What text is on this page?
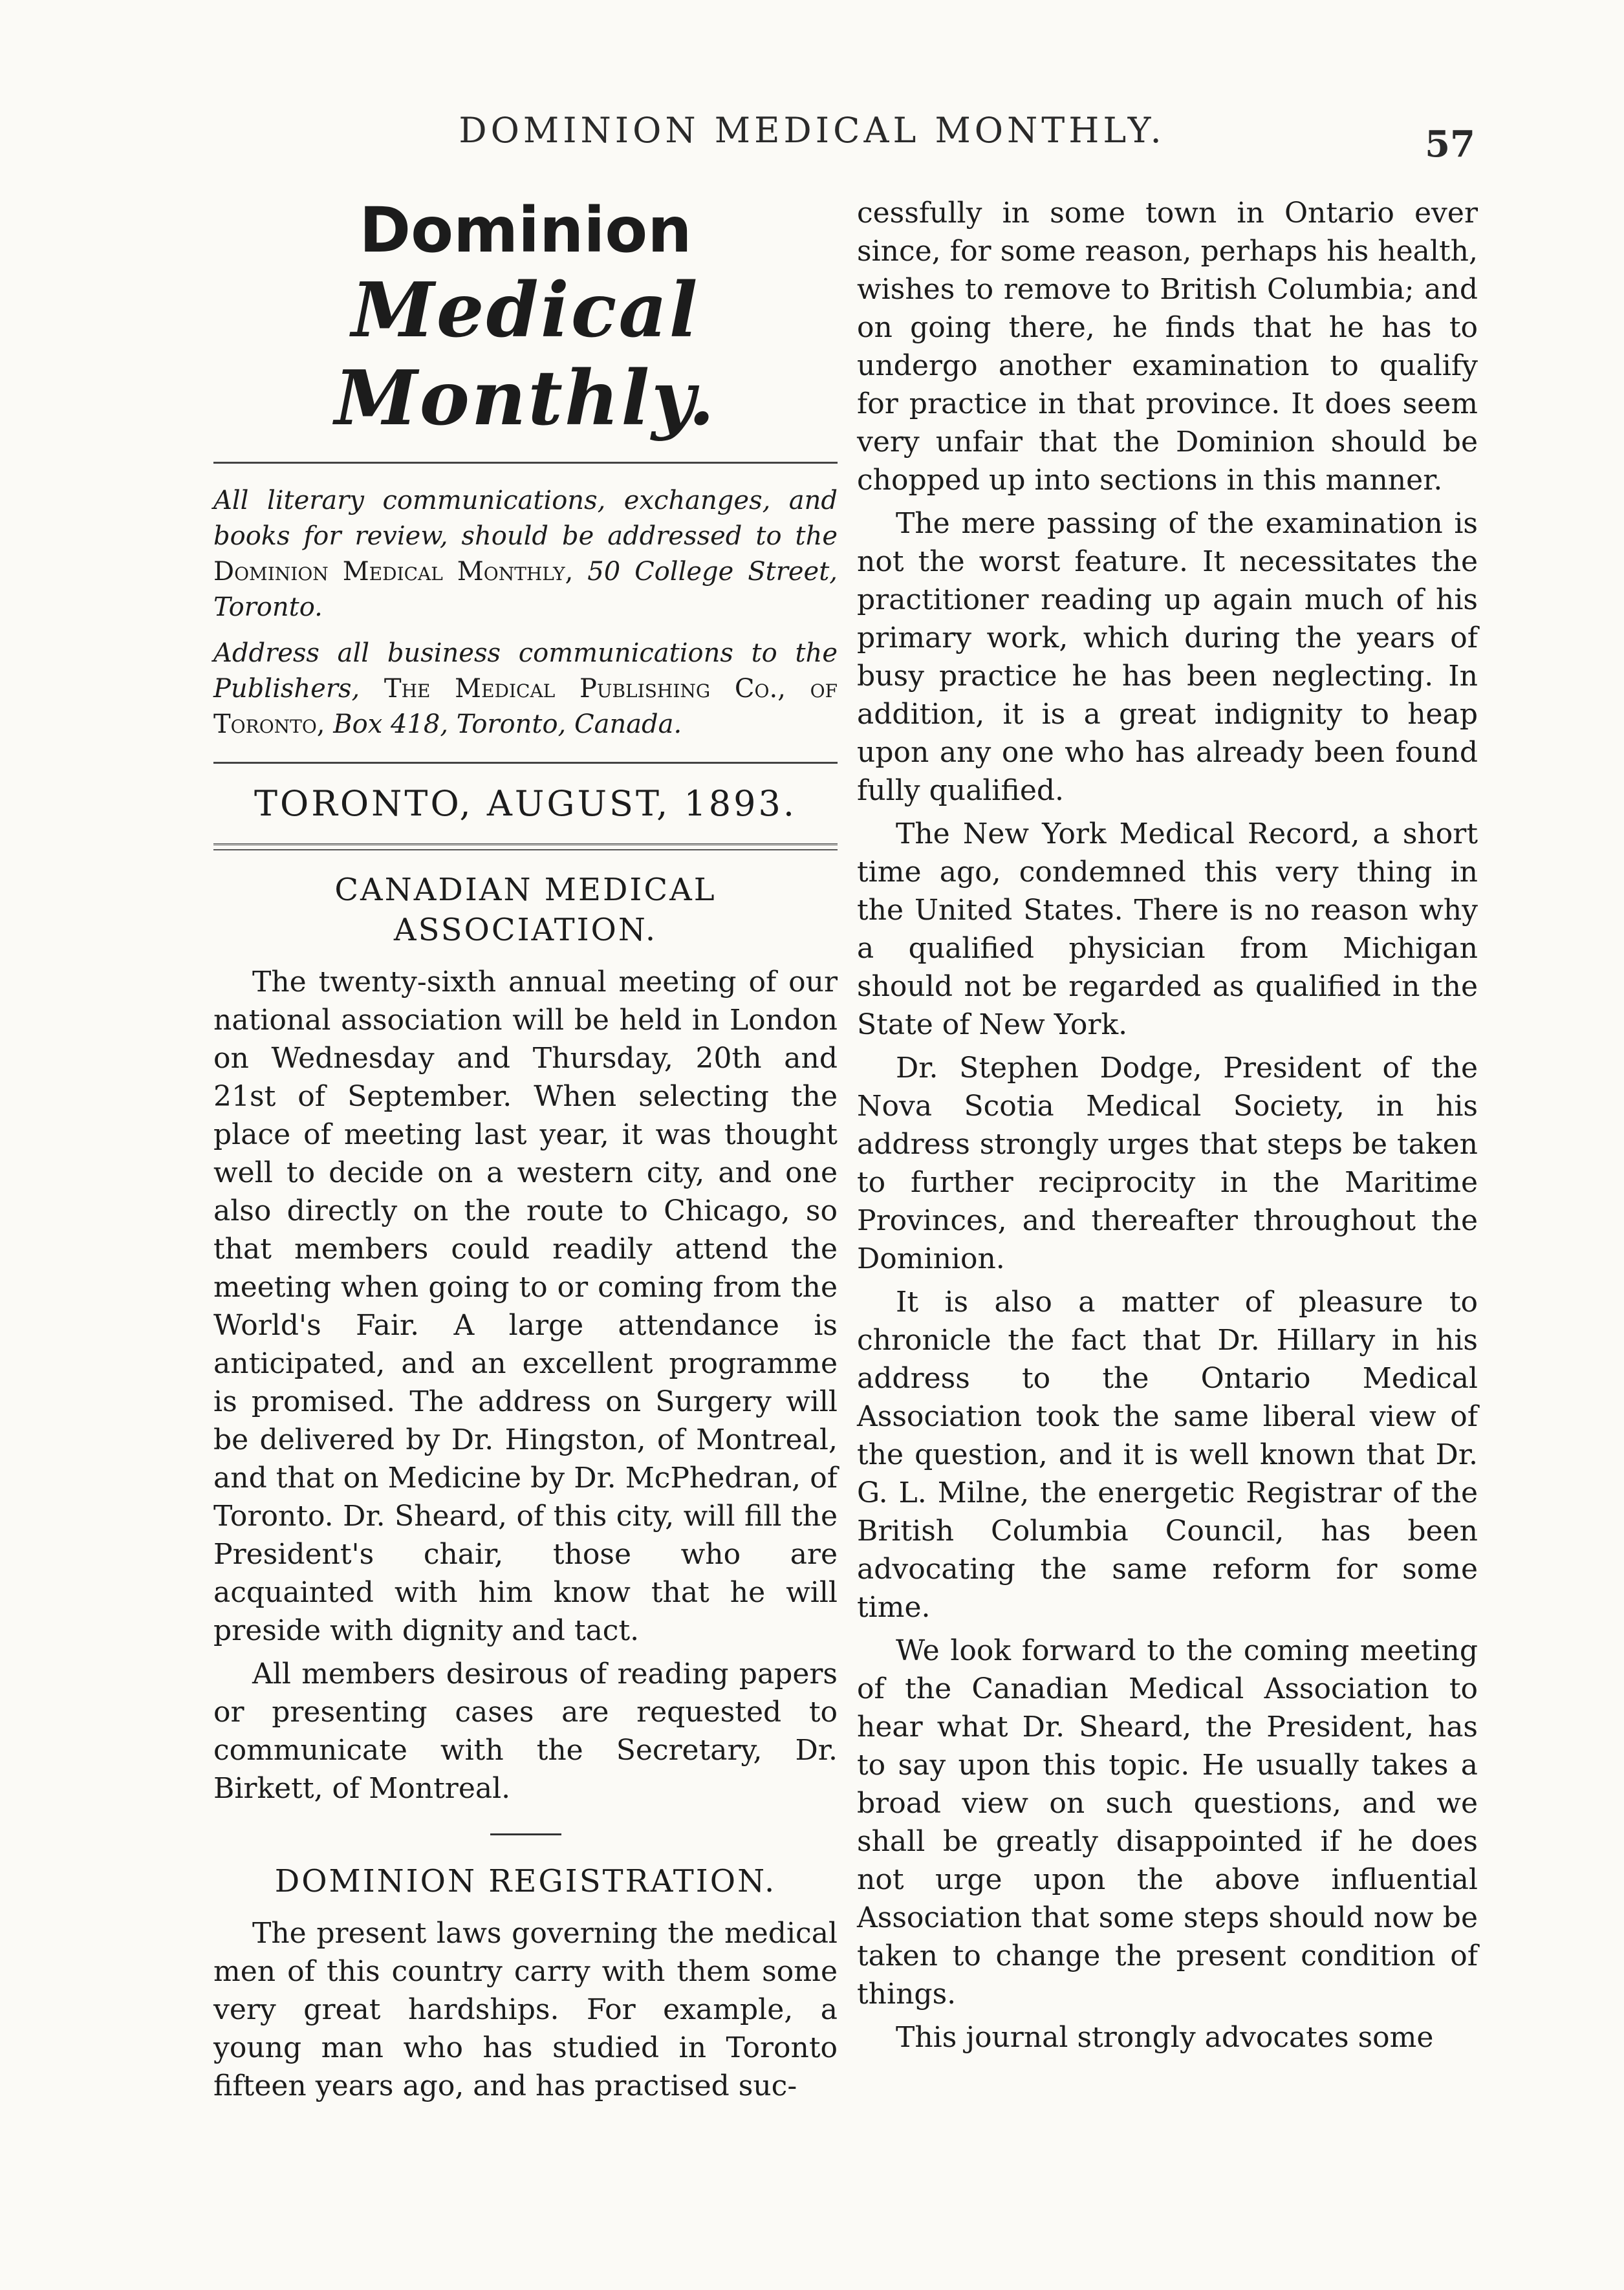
DOMINION MEDICAL MONTHLY.	57
Dominion
Medical Monthly.

All literary communications, exchanges, and books for review, should be addressed to the Dominion Medical Monthly, 50 College Street, Toronto.

Address all business communications to the Publishers, The Medical Publishing Co., of Toronto, Box 418, Toronto, Canada.

TORONTO, AUGUST, 1893.
CANADIAN MEDICAL ASSOCIATION.

The twenty-sixth annual meeting of our national association will be held in London on Wednesday and Thursday, 20th and 21st of September. When selecting the place of meeting last year, it was thought well to decide on a western city, and one also directly on the route to Chicago, so that members could readily attend the meeting when going to or coming from the World's Fair. A large attendance is anticipated, and an excellent programme is promised. The address on Surgery will be delivered by Dr. Hingston, of Montreal, and that on Medicine by Dr. McPhedran, of Toronto. Dr. Sheard, of this city, will fill the President's chair, those who are acquainted with him know that he will preside with dignity and tact.

All members desirous of reading papers or presenting cases are requested to communicate with the Secretary, Dr. Birkett, of Montreal.

DOMINION REGISTRATION.

The present laws governing the medical men of this country carry with them some very great hardships. For example, a young man who has studied in Toronto fifteen years ago, and has practised suc-

cessfully in some town in Ontario ever since, for some reason, perhaps his health, wishes to remove to British Columbia; and on going there, he finds that he has to undergo another examination to qualify for practice in that province. It does seem very unfair that the Dominion should be chopped up into sections in this manner.

The mere passing of the examination is not the worst feature. It necessitates the practitioner reading up again much of his primary work, which during the years of busy practice he has been neglecting. In addition, it is a great indignity to heap upon any one who has already been found fully qualified.

The New York Medical Record, a short time ago, condemned this very thing in the United States. There is no reason why a qualified physician from Michigan should not be regarded as qualified in the State of New York.

Dr. Stephen Dodge, President of the Nova Scotia Medical Society, in his address strongly urges that steps be taken to further reciprocity in the Maritime Provinces, and thereafter throughout the Dominion.

It is also a matter of pleasure to chronicle the fact that Dr. Hillary in his address to the Ontario Medical Association took the same liberal view of the question, and it is well known that Dr. G. L. Milne, the energetic Registrar of the British Columbia Council, has been advocating the same reform for some time.

We look forward to the coming meeting of the Canadian Medical Association to hear what Dr. Sheard, the President, has to say upon this topic. He usually takes a broad view on such questions, and we shall be greatly disappointed if he does not urge upon the above influential Association that some steps should now be taken to change the present condition of things.

This journal strongly advocates some
